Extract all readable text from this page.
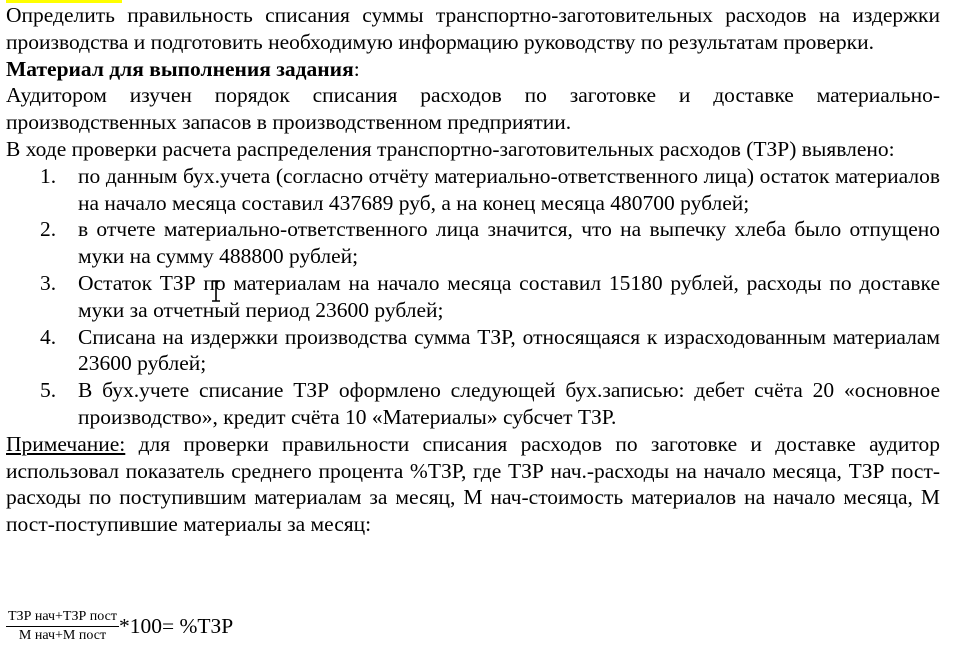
Определить правильность списания суммы транспортно-заготовительных расходов на издержки производства и подготовить необходимую информацию руководству по результатам проверки.

Материал для выполнения задания:

Аудитором изучен порядок списания расходов по заготовке и доставке материально-производственных запасов в производственном предприятии.

В ходе проверки расчета распределения транспортно-заготовительных расходов (ТЗР) выявлено:

1.	по данным бух.учета (согласно отчёту материально-ответственного лица) остаток материалов на начало месяца составил 437689 руб, а на конец месяца 480700 рублей;
2.	в отчете материально-ответственного лица значится, что на выпечку хлеба было отпущено муки на сумму 488800 рублей;
3.	Остаток ТЗР по материалам на начало месяца составил 15180 рублей, расходы по доставке муки за отчетный период 23600 рублей;
4.	Списана на издержки производства сумма ТЗР, относящаяся к израсходованным материалам 23600 рублей;
5.	В бух.учете списание ТЗР оформлено следующей бух.записью: дебет счёта 20 «основное производство», кредит счёта 10 «Материалы» субсчет ТЗР.

Примечание: для проверки правильности списания расходов по заготовке и доставке аудитор использовал показатель среднего процента %ТЗР, где ТЗР нач.-расходы на начало месяца, ТЗР пост-расходы по поступившим материалам за месяц, М нач-стоимость материалов на начало месяца, М пост-поступившие материалы за месяц:

$\frac{\text{ТЗР нач+ТЗР пост}}{\text{М нач+М пост}} *100= \%ТЗР$
